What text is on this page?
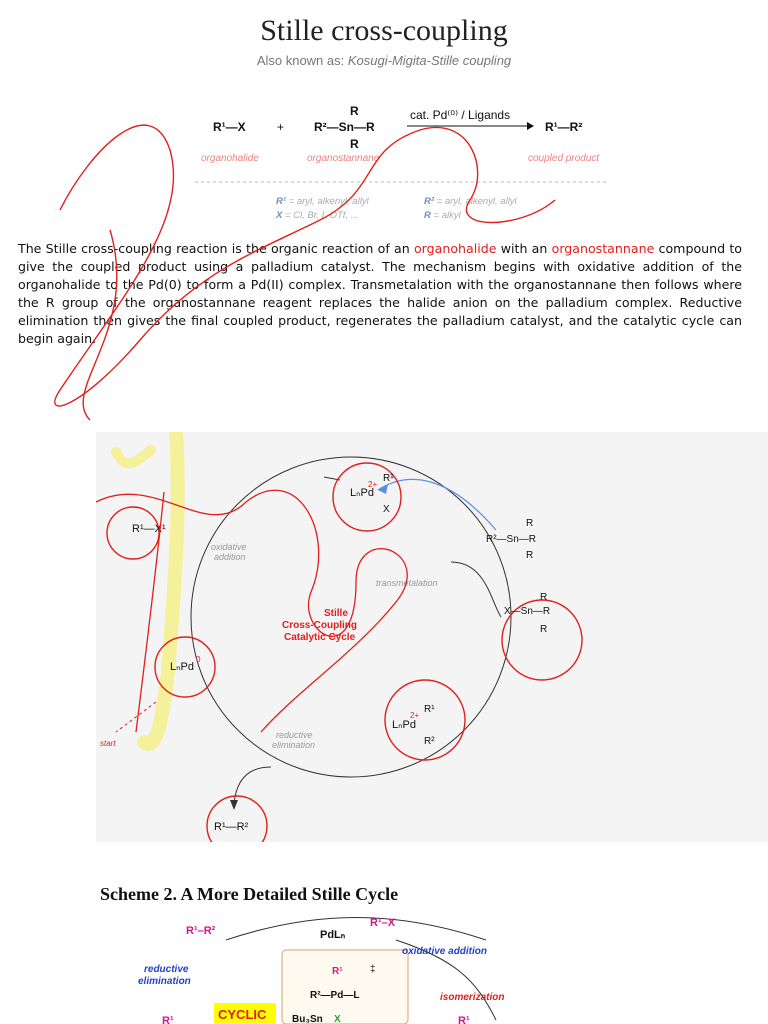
Stille cross-coupling
Also known as: Kosugi-Migita-Stille coupling
R¹—X	+
R
R²—Sn—R
R
cat. Pd⁽⁰⁾ / Ligands
R¹—R²
organohalide	organostannane	coupled product
R¹ = aryl, alkenyl, allyl
X = Cl, Br, I, OTf, ...
R² = aryl, alkenyl, allyl
R = alkyl
The Stille cross-coupling reaction is the organic reaction of an organohalide with an organostannane compound to give the coupled product using a palladium catalyst. The mechanism begins with oxidative addition of the organohalide to the Pd(0) to form a Pd(II) complex. Transmetalation with the organostannane then follows where the R group of the organostannane reagent replaces the halide anion on the palladium complex. Reductive elimination then gives the final coupled product, regenerates the palladium catalyst, and the catalytic cycle can begin again.
R¹—X¹
oxidative
addition
transmetalation
reductive
elimination
start
Stille
Cross-Coupling
Catalytic Cycle
LₙPd
0
LₙPd
2+
R¹
X
R
R²—Sn—R
R
R
X—Sn—R
R
LₙPd
2+
R¹
R²
R¹—R²
Scheme 2. A More Detailed Stille Cycle
R¹–R²	PdLₙ
R¹–X
oxidative addition
reductive
elimination
isomerization
R¹	‡
R²—Pd—L
Bu₃Sn X
CYCLIC
R¹	R¹
